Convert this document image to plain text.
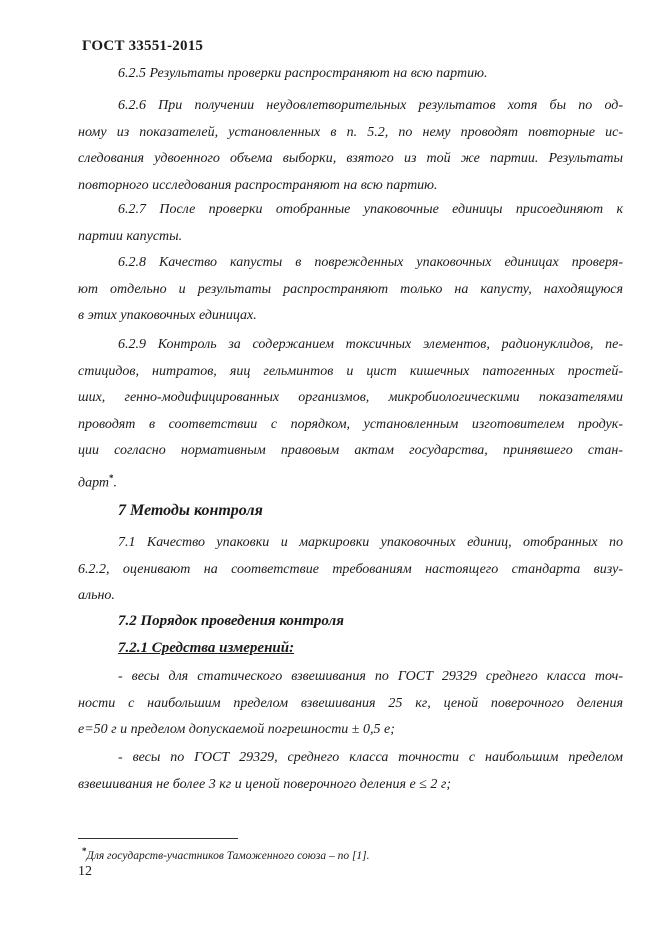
ГОСТ 33551-2015
6.2.5 Результаты проверки распространяют на всю партию.
6.2.6 При получении неудовлетворительных результатов хотя бы по од-
ному из показателей, установленных в п. 5.2, по нему проводят повторные ис-
следования удвоенного объема выборки, взятого из той же партии. Результаты
повторного исследования распространяют на всю партию.
6.2.7 После проверки отобранные упаковочные единицы присоединяют к
партии капусты.
6.2.8 Качество капусты в поврежденных упаковочных единицах проверя-
ют отдельно и результаты распространяют только на капусту, находящуюся
в этих упаковочных единицах.
6.2.9 Контроль за содержанием токсичных элементов, радионуклидов, пе-
стицидов, нитратов, яиц гельминтов и цист кишечных патогенных простей-
ших, генно-модифицированных организмов, микробиологическими показателями
проводят в соответствии с порядком, установленным изготовителем продук-
ции согласно нормативным правовым актам государства, принявшего стан-
дарт*.
7 Методы контроля
7.1 Качество упаковки и маркировки упаковочных единиц, отобранных по
6.2.2, оценивают на соответствие требованиям настоящего стандарта визу-
ально.
7.2 Порядок проведения контроля
7.2.1 Средства измерений:
- весы для статического взвешивания по ГОСТ 29329 среднего класса точ-
ности с наибольшим пределом взвешивания 25 кг, ценой поверочного деления
e=50 г и пределом допускаемой погрешности ± 0,5 e;
- весы по ГОСТ 29329, среднего класса точности с наибольшим пределом
взвешивания не более 3 кг и ценой поверочного деления e ≤ 2 г;
*Для государств-участников Таможенного союза – по [1].
12
